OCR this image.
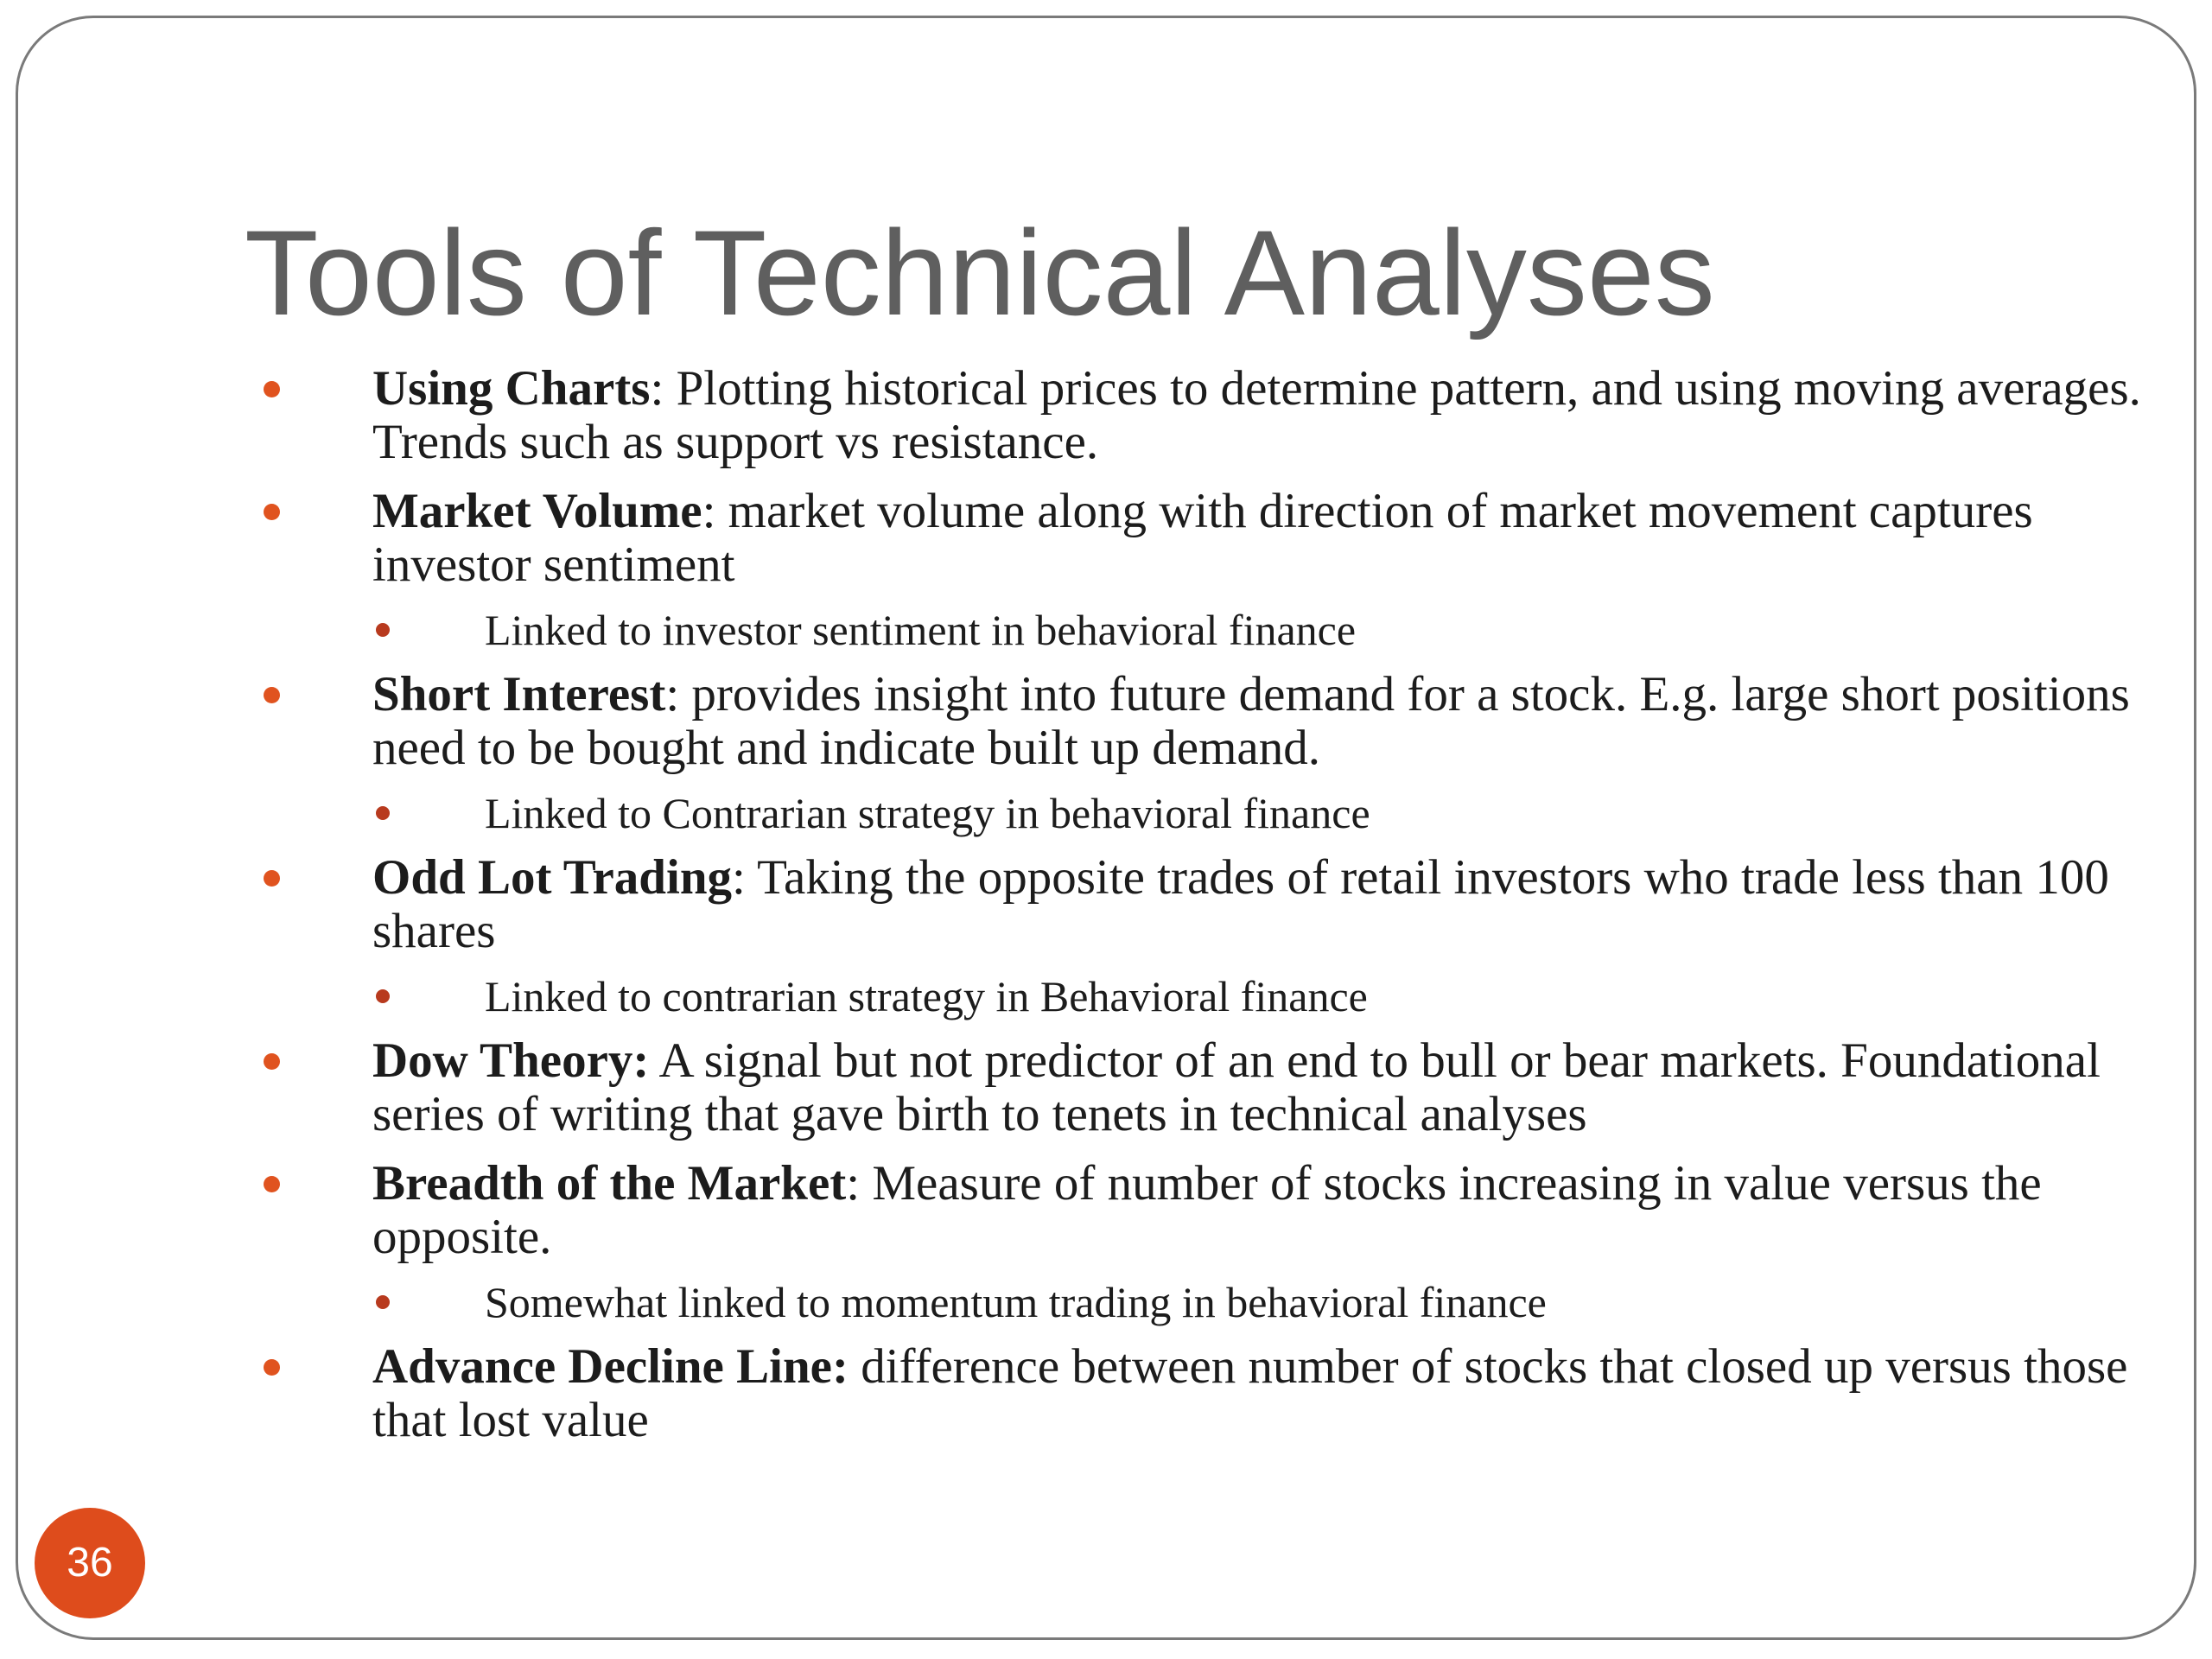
Tools of Technical Analyses
Using Charts: Plotting historical prices to determine pattern, and using moving averages. Trends such as support vs resistance.
Market Volume: market volume along with direction of market movement captures investor sentiment
Linked to investor sentiment in behavioral finance
Short Interest: provides insight into future demand for a stock. E.g. large short positions need to be bought and indicate built up demand.
Linked to Contrarian strategy in behavioral finance
Odd Lot Trading: Taking the opposite trades of retail investors who trade less than 100 shares
Linked to contrarian strategy in Behavioral finance
Dow Theory: A signal but not predictor of an end to bull or bear markets. Foundational series of writing that gave birth to tenets in technical analyses
Breadth of the Market: Measure of number of stocks increasing in value versus the opposite.
Somewhat linked to momentum trading in behavioral finance
Advance Decline Line: difference between number of stocks that closed up versus those that lost value
36
